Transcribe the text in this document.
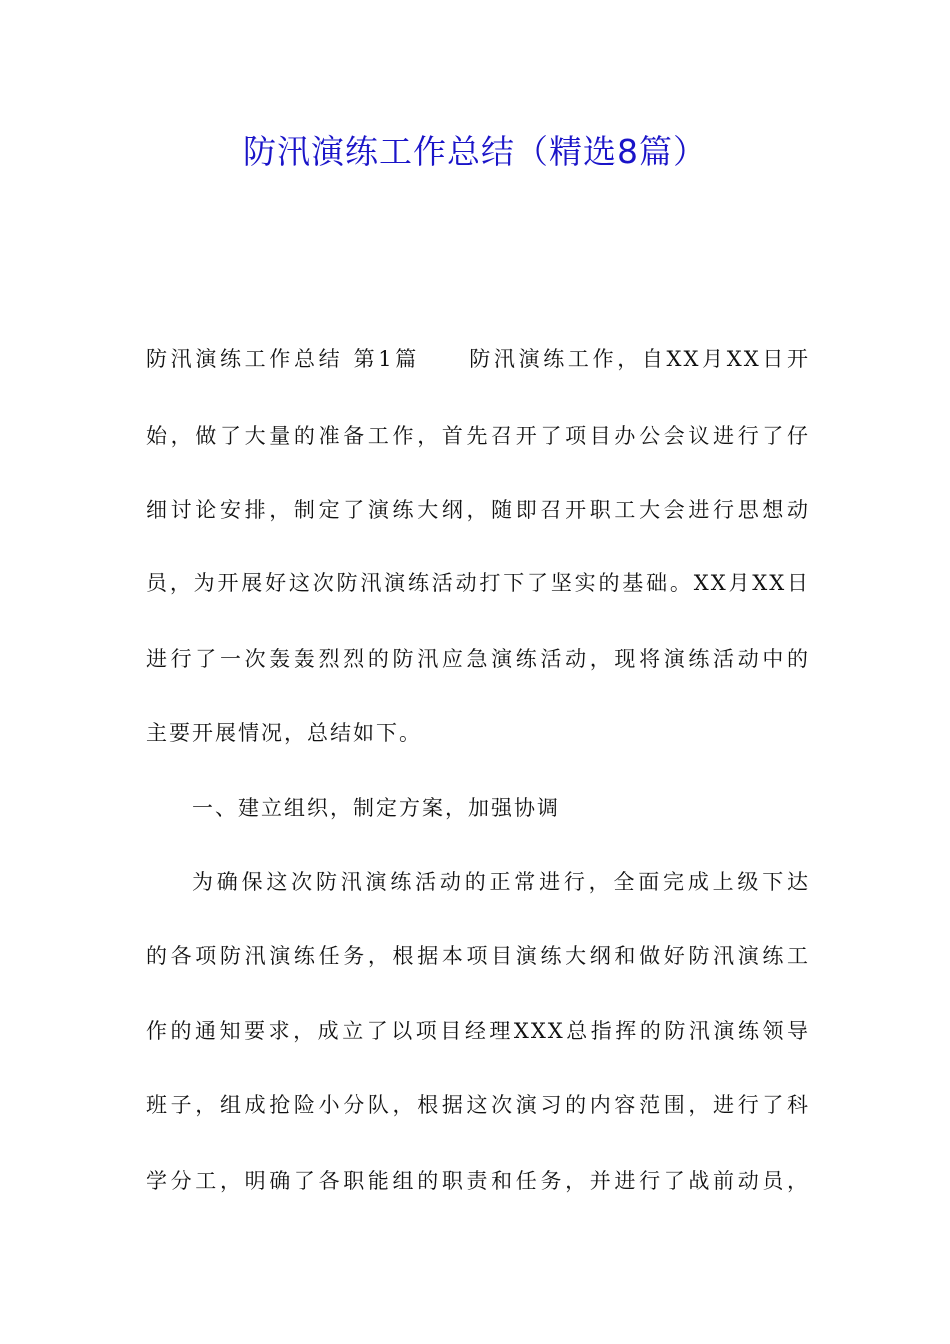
防汛演练工作总结（精选8篇）
防汛演练工作总结 第1篇　　防汛演练工作，自XX月XX日开
始，做了大量的准备工作，首先召开了项目办公会议进行了仔
细讨论安排，制定了演练大纲，随即召开职工大会进行思想动
员，为开展好这次防汛演练活动打下了坚实的基础。XX月XX日
进行了一次轰轰烈烈的防汛应急演练活动，现将演练活动中的
主要开展情况，总结如下。
一、建立组织，制定方案，加强协调
为确保这次防汛演练活动的正常进行，全面完成上级下达
的各项防汛演练任务，根据本项目演练大纲和做好防汛演练工
作的通知要求，成立了以项目经理XXX总指挥的防汛演练领导
班子，组成抢险小分队，根据这次演习的内容范围，进行了科
学分工，明确了各职能组的职责和任务，并进行了战前动员，
